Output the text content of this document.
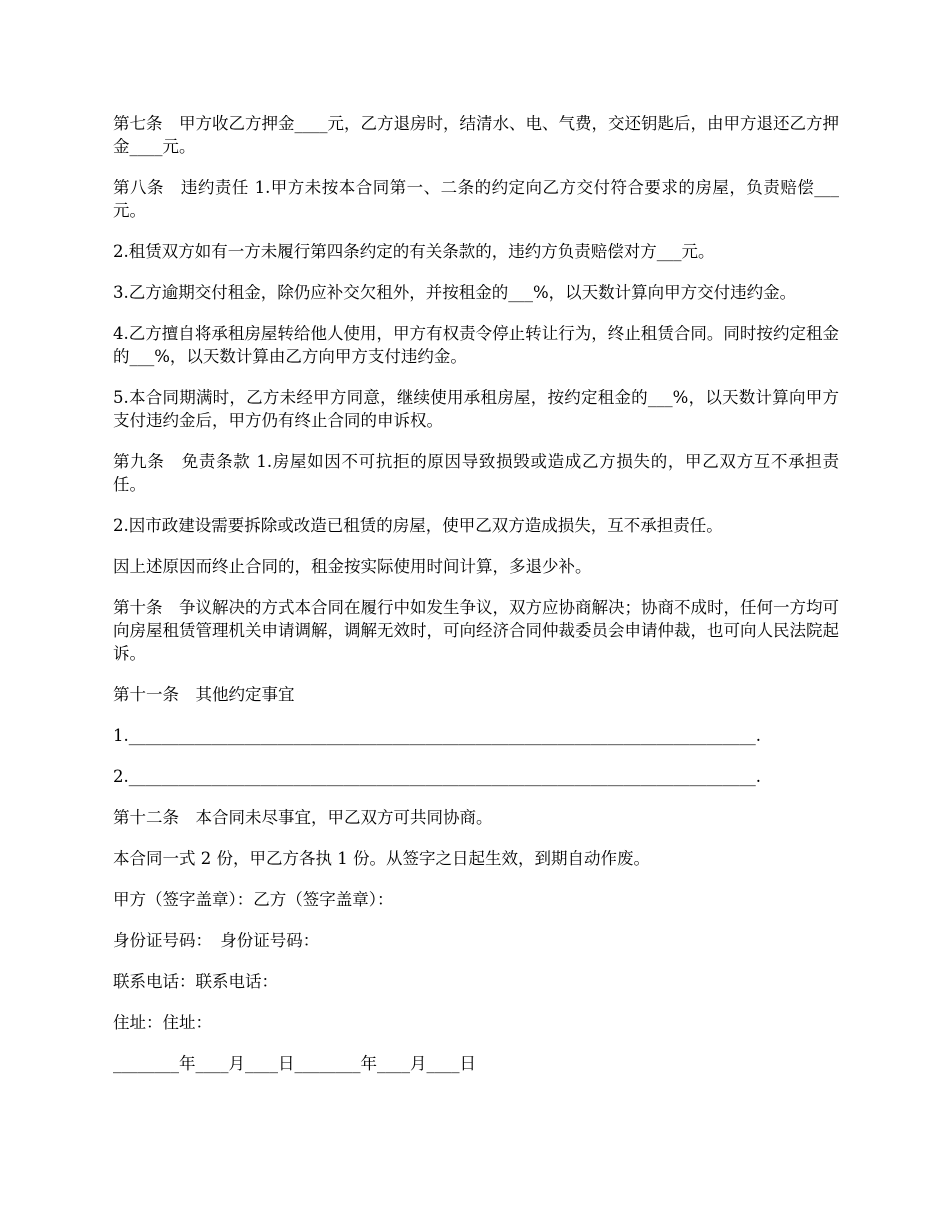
第七条　甲方收乙方押金____元，乙方退房时，结清水、电、气费，交还钥匙后，由甲方退还乙方押金____元。

第八条　违约责任 1.甲方未按本合同第一、二条的约定向乙方交付符合要求的房屋，负责赔偿___元。

2.租赁双方如有一方未履行第四条约定的有关条款的，违约方负责赔偿对方___元。

3.乙方逾期交付租金，除仍应补交欠租外，并按租金的___%，以天数计算向甲方交付违约金。

4.乙方擅自将承租房屋转给他人使用，甲方有权责令停止转让行为，终止租赁合同。同时按约定租金的___%，以天数计算由乙方向甲方支付违约金。

5.本合同期满时，乙方未经甲方同意，继续使用承租房屋，按约定租金的___%，以天数计算向甲方支付违约金后，甲方仍有终止合同的申诉权。

第九条　免责条款 1.房屋如因不可抗拒的原因导致损毁或造成乙方损失的，甲乙双方互不承担责任。

2.因市政建设需要拆除或改造已租赁的房屋，使甲乙双方造成损失，互不承担责任。

因上述原因而终止合同的，租金按实际使用时间计算，多退少补。

第十条　争议解决的方式本合同在履行中如发生争议，双方应协商解决；协商不成时，任何一方均可向房屋租赁管理机关申请调解，调解无效时，可向经济合同仲裁委员会申请仲裁，也可向人民法院起诉。

第十一条　其他约定事宜

1.____________________________________________________________________________.

2.____________________________________________________________________________.

第十二条　本合同未尽事宜，甲乙双方可共同协商。

本合同一式 2 份，甲乙方各执 1 份。从签字之日起生效，到期自动作废。

甲方（签字盖章）：乙方（签字盖章）：

身份证号码：　身份证号码：

联系电话：联系电话：

住址：住址：

________年____月____日________年____月____日
